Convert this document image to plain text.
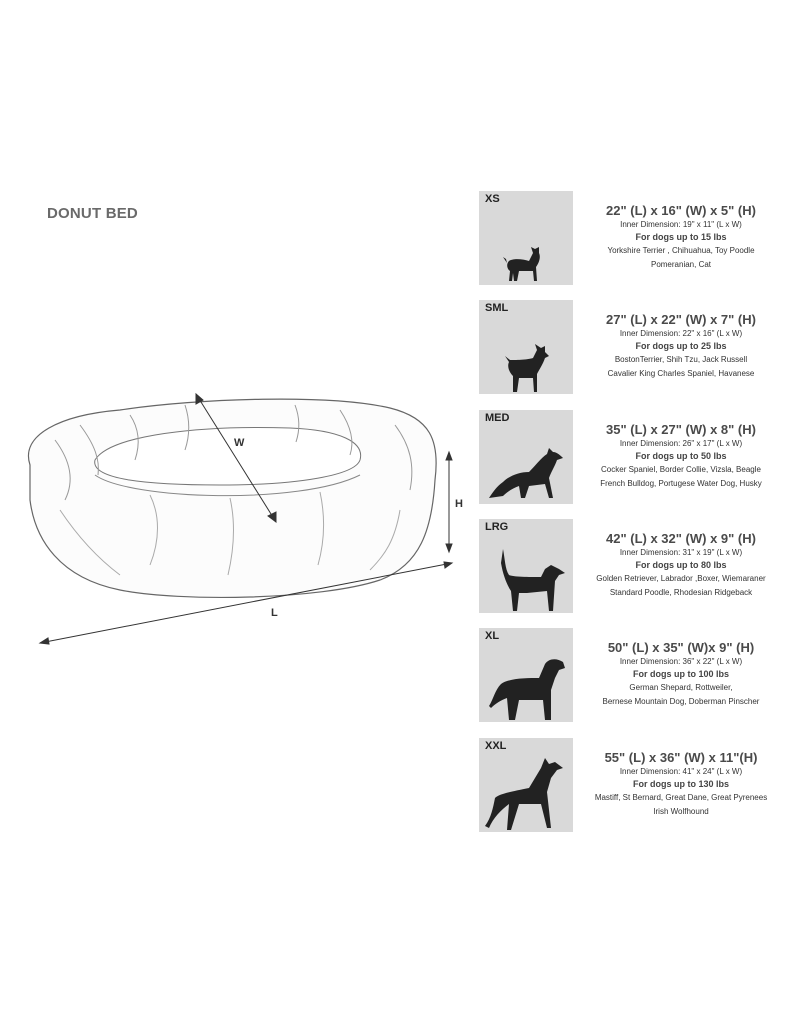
DONUT BED
W
H
L
XS
22" (L) x 16" (W) x 5" (H)
Inner Dimension: 19" x 11" (L x W)
For dogs up to 15 lbs
Yorkshire Terrier , Chihuahua, Toy Poodle
Pomeranian, Cat
SML
27" (L) x 22" (W) x 7" (H)
Inner Dimension: 22" x 16" (L x W)
For dogs up to 25 lbs
BostonTerrier, Shih Tzu, Jack Russell
Cavalier King Charles Spaniel, Havanese
MED
35" (L) x 27" (W) x 8" (H)
Inner Dimension: 26" x 17" (L x W)
For dogs up to 50 lbs
Cocker Spaniel, Border Collie, Vizsla, Beagle
French Bulldog, Portugese Water Dog, Husky
LRG
42" (L) x 32" (W) x 9" (H)
Inner Dimension: 31" x 19" (L x W)
For dogs up to 80 lbs
Golden Retriever, Labrador ,Boxer, Wiemaraner
Standard Poodle, Rhodesian Ridgeback
XL
50" (L) x 35" (W)x 9" (H)
Inner Dimension: 36" x 22" (L x W)
For dogs up to 100 lbs
German Shepard, Rottweiler,
Bernese Mountain Dog, Doberman Pinscher
XXL
55" (L) x 36" (W) x 11"(H)
Inner Dimension: 41" x 24" (L x W)
For dogs up to 130 lbs
Mastiff, St Bernard, Great Dane, Great Pyrenees
Irish Wolfhound
